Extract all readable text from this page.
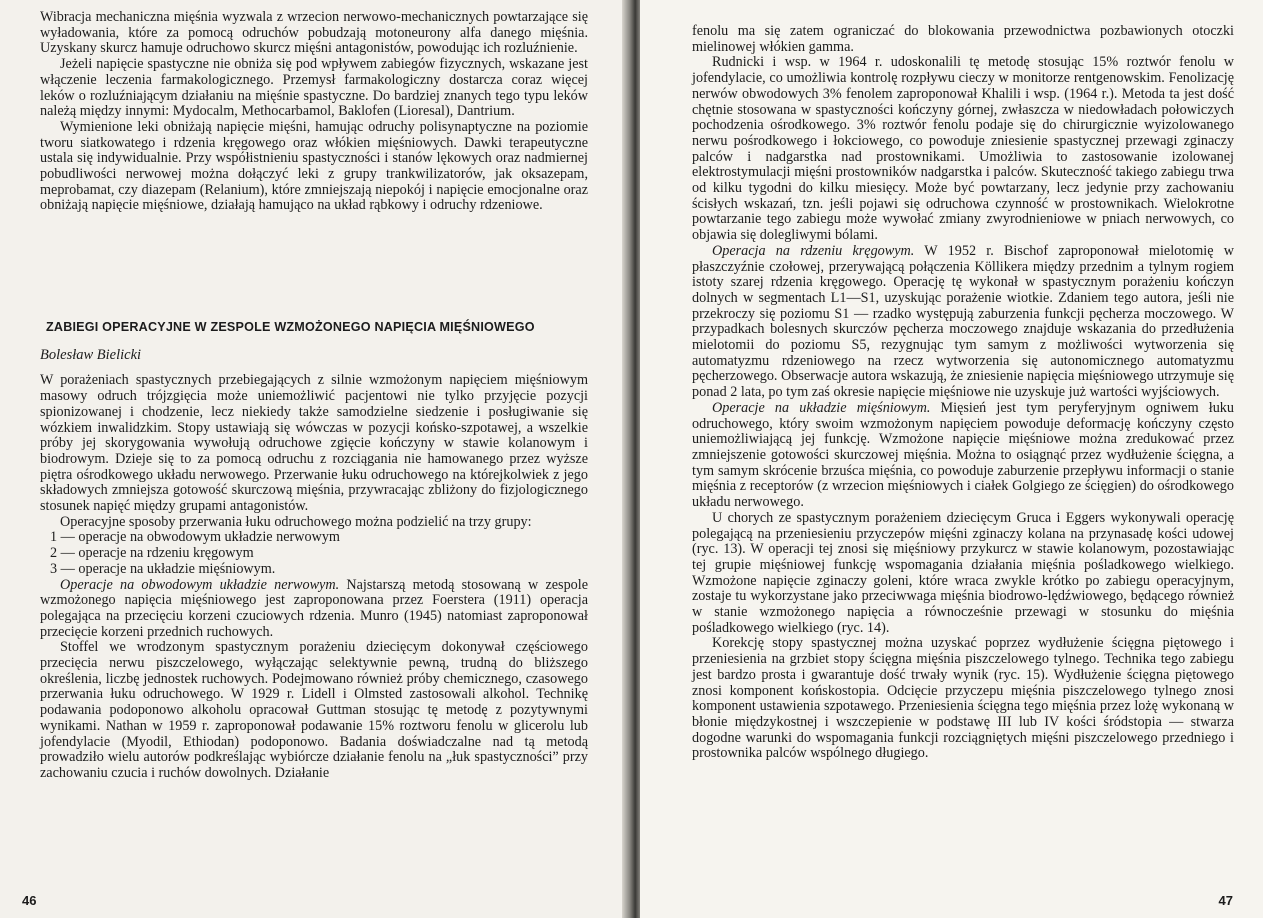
Wibracja mechaniczna mięśnia wyzwala z wrzecion nerwowo-mechanicznych powtarzające się wyładowania, które za pomocą odruchów pobudzają motoneurony alfa danego mięśnia. Uzyskany skurcz hamuje odruchowo skurcz mięśni antagonistów, powodując ich rozluźnienie.

Jeżeli napięcie spastyczne nie obniża się pod wpływem zabiegów fizycznych, wskazane jest włączenie leczenia farmakologicznego. Przemysł farmakologiczny dostarcza coraz więcej leków o rozluźniającym działaniu na mięśnie spastyczne. Do bardziej znanych tego typu leków należą między innymi: Mydocalm, Methocarbamol, Baklofen (Lioresal), Dantrium.

Wymienione leki obniżają napięcie mięśni, hamując odruchy polisynaptyczne na poziomie tworu siatkowatego i rdzenia kręgowego oraz włókien mięśniowych. Dawki terapeutyczne ustala się indywidualnie. Przy współistnieniu spastyczności i stanów lękowych oraz nadmiernej pobudliwości nerwowej można dołączyć leki z grupy trankwilizatorów, jak oksazepam, meprobamat, czy diazepam (Relanium), które zmniejszają niepokój i napięcie emocjonalne oraz obniżają napięcie mięśniowe, działają hamująco na układ rąbkowy i odruchy rdzeniowe.

ZABIEGI OPERACYJNE W ZESPOLE WZMOŻONEGO NAPIĘCIA MIĘŚNIOWEGO
Bolesław Bielicki

W porażeniach spastycznych przebiegających z silnie wzmożonym napięciem mięśniowym masowy odruch trójzgięcia może uniemożliwić pacjentowi nie tylko przyjęcie pozycji spionizowanej i chodzenie, lecz niekiedy także samodzielne siedzenie i posługiwanie się wózkiem inwalidzkim. Stopy ustawiają się wówczas w pozycji końsko-szpotawej, a wszelkie próby jej skorygowania wywołują odruchowe zgięcie kończyny w stawie kolanowym i biodrowym. Dzieje się to za pomocą odruchu z rozciągania nie hamowanego przez wyższe piętra ośrodkowego układu nerwowego. Przerwanie łuku odruchowego na którejkolwiek z jego składowych zmniejsza gotowość skurczową mięśnia, przywracając zbliżony do fizjologicznego stosunek napięć między grupami antagonistów.

Operacyjne sposoby przerwania łuku odruchowego można podzielić na trzy grupy:

1 — operacje na obwodowym układzie nerwowym
2 — operacje na rdzeniu kręgowym
3 — operacje na układzie mięśniowym.

Operacje na obwodowym układzie nerwowym. Najstarszą metodą stosowaną w zespole wzmożonego napięcia mięśniowego jest zaproponowana przez Foerstera (1911) operacja polegająca na przecięciu korzeni czuciowych rdzenia. Munro (1945) natomiast zaproponował przecięcie korzeni przednich ruchowych.

Stoffel we wrodzonym spastycznym porażeniu dziecięcym dokonywał częściowego przecięcia nerwu piszczelowego, wyłączając selektywnie pewną, trudną do bliższego określenia, liczbę jednostek ruchowych. Podejmowano również próby chemicznego, czasowego przerwania łuku odruchowego. W 1929 r. Lidell i Olmsted zastosowali alkohol. Technikę podawania podoponowo alkoholu opracował Guttman stosując tę metodę z pozytywnymi wynikami. Nathan w 1959 r. zaproponował podawanie 15% roztworu fenolu w glicerolu lub jofendylacie (Myodil, Ethiodan) podoponowo. Badania doświadczalne nad tą metodą prowadziło wielu autorów podkreślając wybiórcze działanie fenolu na „łuk spastyczności” przy zachowaniu czucia i ruchów dowolnych. Działanie

46

fenolu ma się zatem ograniczać do blokowania przewodnictwa pozbawionych otoczki mielinowej włókien gamma.

Rudnicki i wsp. w 1964 r. udoskonalili tę metodę stosując 15% roztwór fenolu w jofendylacie, co umożliwia kontrolę rozpływu cieczy w monitorze rentgenowskim. Fenolizację nerwów obwodowych 3% fenolem zaproponował Khalili i wsp. (1964 r.). Metoda ta jest dość chętnie stosowana w spastyczności kończyny górnej, zwłaszcza w niedowładach połowiczych pochodzenia ośrodkowego. 3% roztwór fenolu podaje się do chirurgicznie wyizolowanego nerwu pośrodkowego i łokciowego, co powoduje zniesienie spastycznej przewagi zginaczy palców i nadgarstka nad prostownikami. Umożliwia to zastosowanie izolowanej elektrostymulacji mięśni prostowników nadgarstka i palców. Skuteczność takiego zabiegu trwa od kilku tygodni do kilku miesięcy. Może być powtarzany, lecz jedynie przy zachowaniu ścisłych wskazań, tzn. jeśli pojawi się odruchowa czynność w prostownikach. Wielokrotne powtarzanie tego zabiegu może wywołać zmiany zwyrodnieniowe w pniach nerwowych, co objawia się dolegliwymi bólami.

Operacja na rdzeniu kręgowym. W 1952 r. Bischof zaproponował mielotomię w płaszczyźnie czołowej, przerywającą połączenia Köllikera między przednim a tylnym rogiem istoty szarej rdzenia kręgowego. Operację tę wykonał w spastycznym porażeniu kończyn dolnych w segmentach L1—S1, uzyskując porażenie wiotkie. Zdaniem tego autora, jeśli nie przekroczy się poziomu S1 — rzadko występują zaburzenia funkcji pęcherza moczowego. W przypadkach bolesnych skurczów pęcherza moczowego znajduje wskazania do przedłużenia mielotomii do poziomu S5, rezygnując tym samym z możliwości wytworzenia się automatyzmu rdzeniowego na rzecz wytworzenia się autonomicznego automatyzmu pęcherzowego. Obserwacje autora wskazują, że zniesienie napięcia mięśniowego utrzymuje się ponad 2 lata, po tym zaś okresie napięcie mięśniowe nie uzyskuje już wartości wyjściowych.

Operacje na układzie mięśniowym. Mięsień jest tym peryferyjnym ogniwem łuku odruchowego, który swoim wzmożonym napięciem powoduje deformację kończyny często uniemożliwiającą jej funkcję. Wzmożone napięcie mięśniowe można zredukować przez zmniejszenie gotowości skurczowej mięśnia. Można to osiągnąć przez wydłużenie ścięgna, a tym samym skrócenie brzuśca mięśnia, co powoduje zaburzenie przepływu informacji o stanie mięśnia z receptorów (z wrzecion mięśniowych i ciałek Golgiego ze ścięgien) do ośrodkowego układu nerwowego.

U chorych ze spastycznym porażeniem dziecięcym Gruca i Eggers wykonywali operację polegającą na przeniesieniu przyczepów mięśni zginaczy kolana na przynasadę kości udowej (ryc. 13). W operacji tej znosi się mięśniowy przykurcz w stawie kolanowym, pozostawiając tej grupie mięśniowej funkcję wspomagania działania mięśnia pośladkowego wielkiego. Wzmożone napięcie zginaczy goleni, które wraca zwykle krótko po zabiegu operacyjnym, zostaje tu wykorzystane jako przeciwwaga mięśnia biodrowo-lędźwiowego, będącego również w stanie wzmożonego napięcia a równocześnie przewagi w stosunku do mięśnia pośladkowego wielkiego (ryc. 14).

Korekcję stopy spastycznej można uzyskać poprzez wydłużenie ścięgna piętowego i przeniesienia na grzbiet stopy ścięgna mięśnia piszczelowego tylnego. Technika tego zabiegu jest bardzo prosta i gwarantuje dość trwały wynik (ryc. 15). Wydłużenie ścięgna piętowego znosi komponent końskostopia. Odcięcie przyczepu mięśnia piszczelowego tylnego znosi komponent ustawienia szpotawego. Przeniesienia ścięgna tego mięśnia przez lożę wykonaną w błonie międzykostnej i wszczepienie w podstawę III lub IV kości śródstopia — stwarza dogodne warunki do wspomagania funkcji rozciągniętych mięśni piszczelowego przedniego i prostownika palców wspólnego długiego.

47
